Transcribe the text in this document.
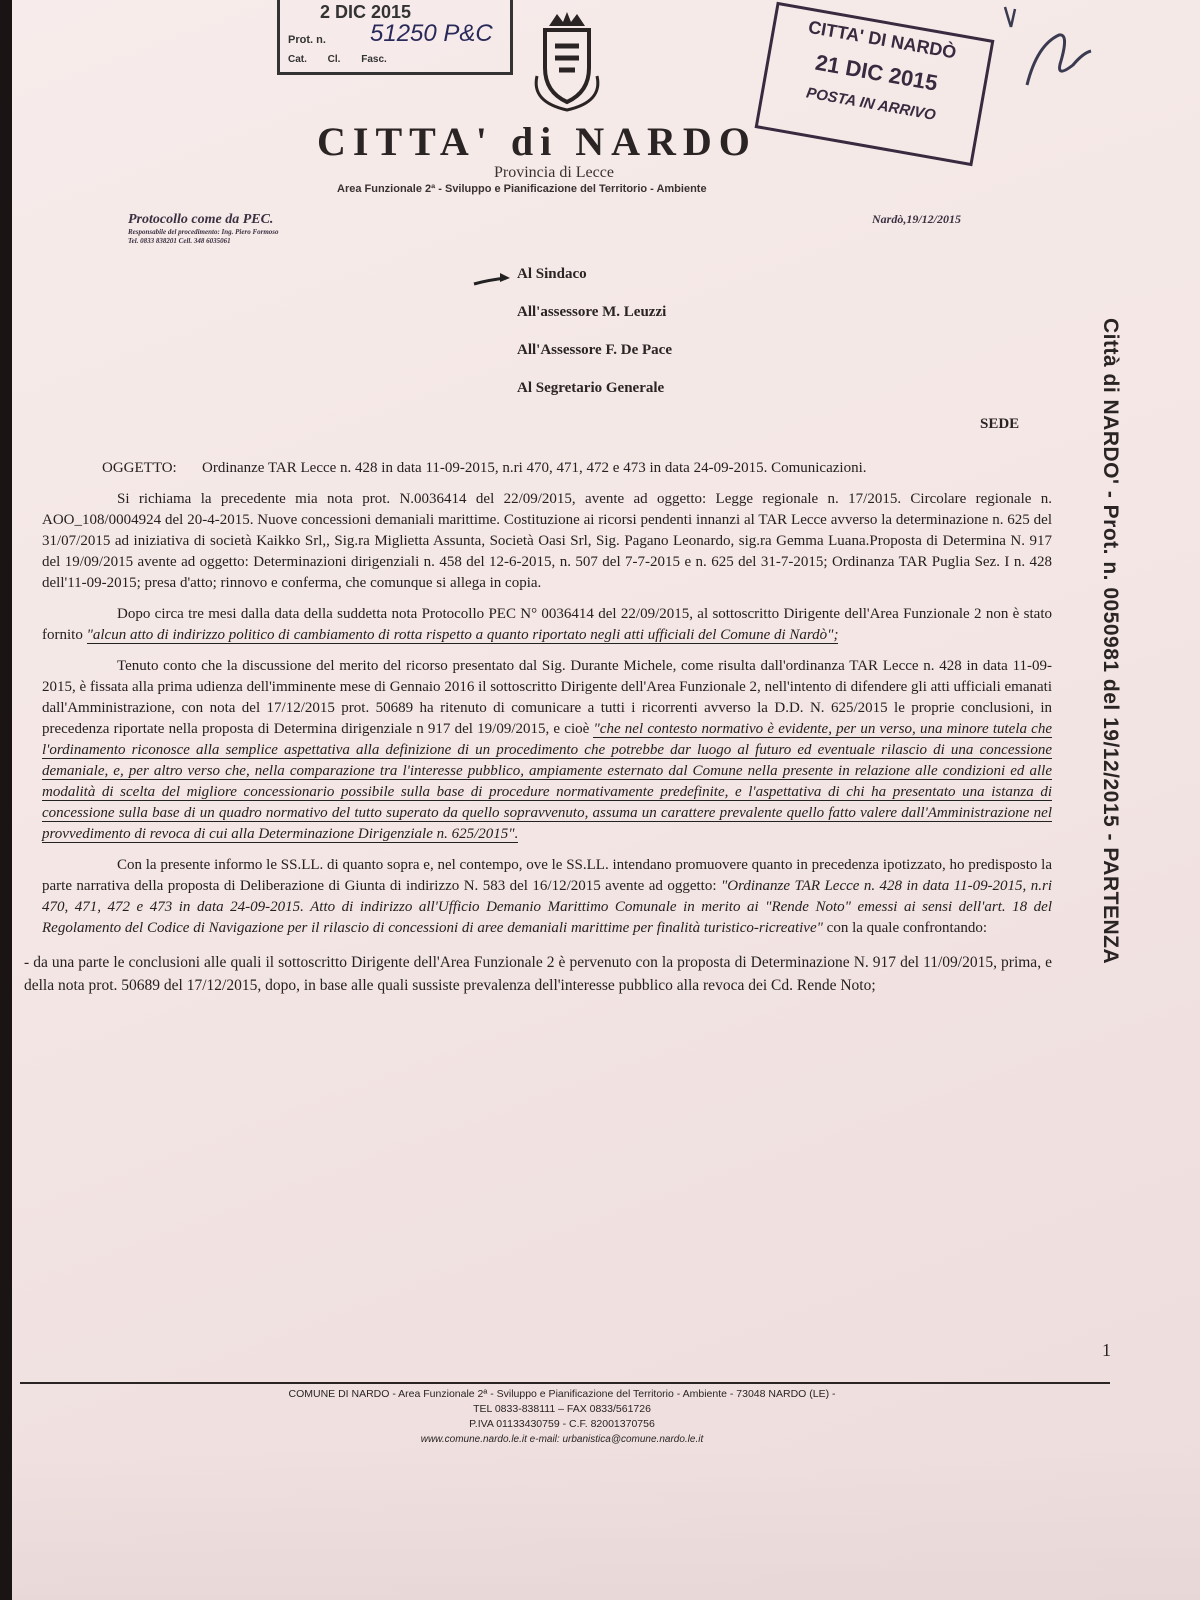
2 DIC 2015
Prot. n. 51250 P&C
Cat. Cl. Fasc.
CITTA' di NARDO
Provincia di Lecce
Area Funzionale 2ª - Sviluppo e Pianificazione del Territorio - Ambiente
CITTA' DI NARDÒ
21 DIC 2015
POSTA IN ARRIVO
Protocollo come da PEC.
Responsabile del procedimento: Ing. Piero Formoso
Tel. 0833 838201 Cell. 348 6035061
Nardò,19/12/2015
Al Sindaco
All'assessore M. Leuzzi
All'Assessore F. De Pace
Al Segretario Generale
SEDE
OGGETTO:	Ordinanze TAR Lecce n. 428 in data 11-09-2015, n.ri 470, 471, 472 e 473 in data 24-09-2015. Comunicazioni.
Si richiama la precedente mia nota prot. N.0036414 del 22/09/2015, avente ad oggetto: Legge regionale n. 17/2015. Circolare regionale n. AOO_108/0004924 del 20-4-2015. Nuove concessioni demaniali marittime. Costituzione ai ricorsi pendenti innanzi al TAR Lecce avverso la determinazione n. 625 del 31/07/2015 ad iniziativa di società Kaikko Srl,, Sig.ra Miglietta Assunta, Società Oasi Srl, Sig. Pagano Leonardo, sig.ra Gemma Luana.Proposta di Determina N. 917 del 19/09/2015 avente ad oggetto: Determinazioni dirigenziali n. 458 del 12-6-2015, n. 507 del 7-7-2015 e n. 625 del 31-7-2015; Ordinanza TAR Puglia Sez. I n. 428 dell'11-09-2015; presa d'atto; rinnovo e conferma, che comunque si allega in copia.
Dopo circa tre mesi dalla data della suddetta nota Protocollo PEC N° 0036414 del 22/09/2015, al sottoscritto Dirigente dell'Area Funzionale 2 non è stato fornito "alcun atto di indirizzo politico di cambiamento di rotta rispetto a quanto riportato negli atti ufficiali del Comune di Nardò";
Tenuto conto che la discussione del merito del ricorso presentato dal Sig. Durante Michele, come risulta dall'ordinanza TAR Lecce n. 428 in data 11-09-2015, è fissata alla prima udienza dell'imminente mese di Gennaio 2016 il sottoscritto Dirigente dell'Area Funzionale 2, nell'intento di difendere gli atti ufficiali emanati dall'Amministrazione, con nota del 17/12/2015 prot. 50689 ha ritenuto di comunicare a tutti i ricorrenti avverso la D.D. N. 625/2015 le proprie conclusioni, in precedenza riportate nella proposta di Determina dirigenziale n 917 del 19/09/2015, e cioè "che nel contesto normativo è evidente, per un verso, una minore tutela che l'ordinamento riconosce alla semplice aspettativa alla definizione di un procedimento che potrebbe dar luogo al futuro ed eventuale rilascio di una concessione demaniale, e, per altro verso che, nella comparazione tra l'interesse pubblico, ampiamente esternato dal Comune nella presente in relazione alle condizioni ed alle modalità di scelta del migliore concessionario possibile sulla base di procedure normativamente predefinite, e l'aspettativa di chi ha presentato una istanza di concessione sulla base di un quadro normativo del tutto superato da quello sopravvenuto, assuma un carattere prevalente quello fatto valere dall'Amministrazione nel provvedimento di revoca di cui alla Determinazione Dirigenziale n. 625/2015".
Con la presente informo le SS.LL. di quanto sopra e, nel contempo, ove le SS.LL. intendano promuovere quanto in precedenza ipotizzato, ho predisposto la parte narrativa della proposta di Deliberazione di Giunta di indirizzo N. 583 del 16/12/2015 avente ad oggetto: "Ordinanze TAR Lecce n. 428 in data 11-09-2015, n.ri 470, 471, 472 e 473 in data 24-09-2015. Atto di indirizzo all'Ufficio Demanio Marittimo Comunale in merito ai "Rende Noto" emessi ai sensi dell'art. 18 del Regolamento del Codice di Navigazione per il rilascio di concessioni di aree demaniali marittime per finalità turistico-ricreative" con la quale confrontando:
- da una parte le conclusioni alle quali il sottoscritto Dirigente dell'Area Funzionale 2 è pervenuto con la proposta di Determinazione N. 917 del 11/09/2015, prima, e della nota prot. 50689 del 17/12/2015, dopo, in base alle quali sussiste prevalenza dell'interesse pubblico alla revoca dei Cd. Rende Noto;
Città di NARDO' - Prot. n. 0050981 del 19/12/2015 - PARTENZA
1
COMUNE DI NARDO - Area Funzionale 2ª - Sviluppo e Pianificazione del Territorio - Ambiente - 73048 NARDO (LE) -
TEL 0833-838111 – FAX 0833/561726
P.IVA 01133430759 - C.F. 82001370756
www.comune.nardo.le.it e-mail: urbanistica@comune.nardo.le.it
